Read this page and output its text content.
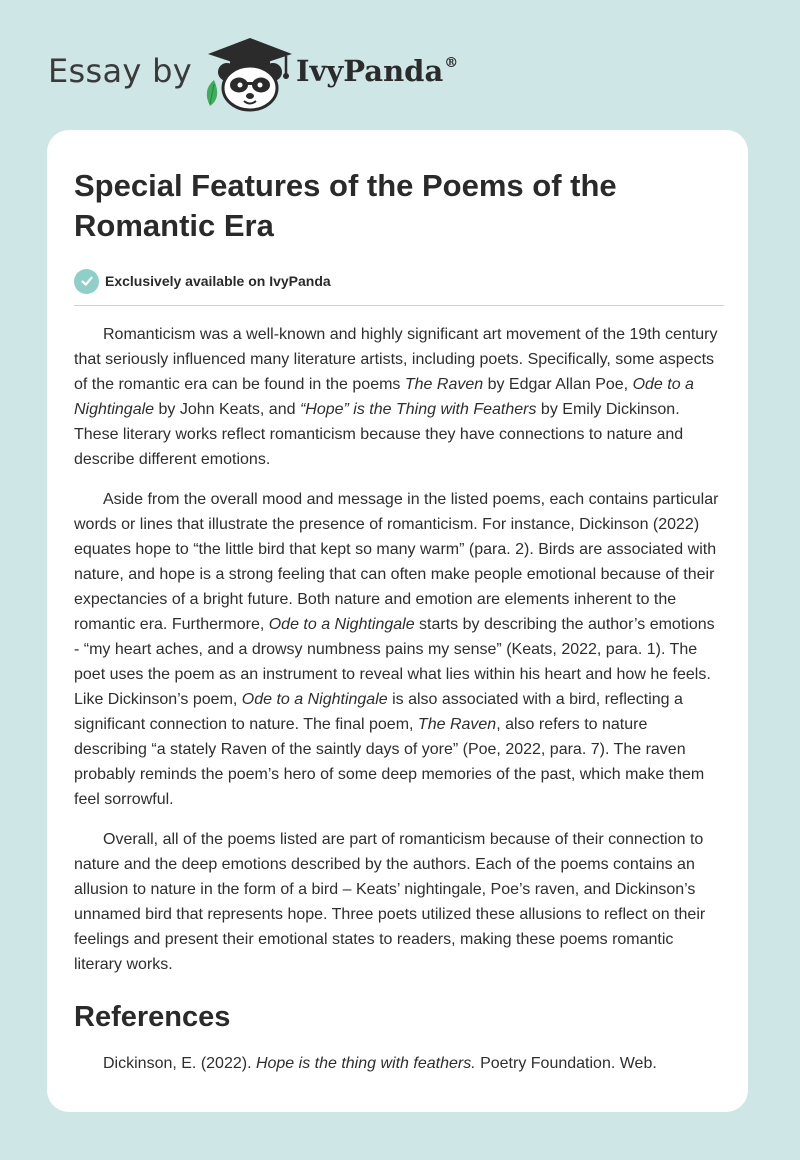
Essay by	IvyPanda®
Special Features of the Poems of the Romantic Era
Exclusively available on IvyPanda

Romanticism was a well-known and highly significant art movement of the 19th century that seriously influenced many literature artists, including poets. Specifically, some aspects of the romantic era can be found in the poems The Raven by Edgar Allan Poe, Ode to a Nightingale by John Keats, and “Hope” is the Thing with Feathers by Emily Dickinson. These literary works reflect romanticism because they have connections to nature and describe different emotions.

Aside from the overall mood and message in the listed poems, each contains particular words or lines that illustrate the presence of romanticism. For instance, Dickinson (2022) equates hope to “the little bird that kept so many warm” (para. 2). Birds are associated with nature, and hope is a strong feeling that can often make people emotional because of their expectancies of a bright future. Both nature and emotion are elements inherent to the romantic era. Furthermore, Ode to a Nightingale starts by describing the author’s emotions - “my heart aches, and a drowsy numbness pains my sense” (Keats, 2022, para. 1). The poet uses the poem as an instrument to reveal what lies within his heart and how he feels. Like Dickinson’s poem, Ode to a Nightingale is also associated with a bird, reflecting a significant connection to nature. The final poem, The Raven, also refers to nature describing “a stately Raven of the saintly days of yore” (Poe, 2022, para. 7). The raven probably reminds the poem’s hero of some deep memories of the past, which make them feel sorrowful.

Overall, all of the poems listed are part of romanticism because of their connection to nature and the deep emotions described by the authors. Each of the poems contains an allusion to nature in the form of a bird – Keats’ nightingale, Poe’s raven, and Dickinson’s unnamed bird that represents hope. Three poets utilized these allusions to reflect on their feelings and present their emotional states to readers, making these poems romantic literary works.

References

Dickinson, E. (2022). Hope is the thing with feathers. Poetry Foundation. Web.
